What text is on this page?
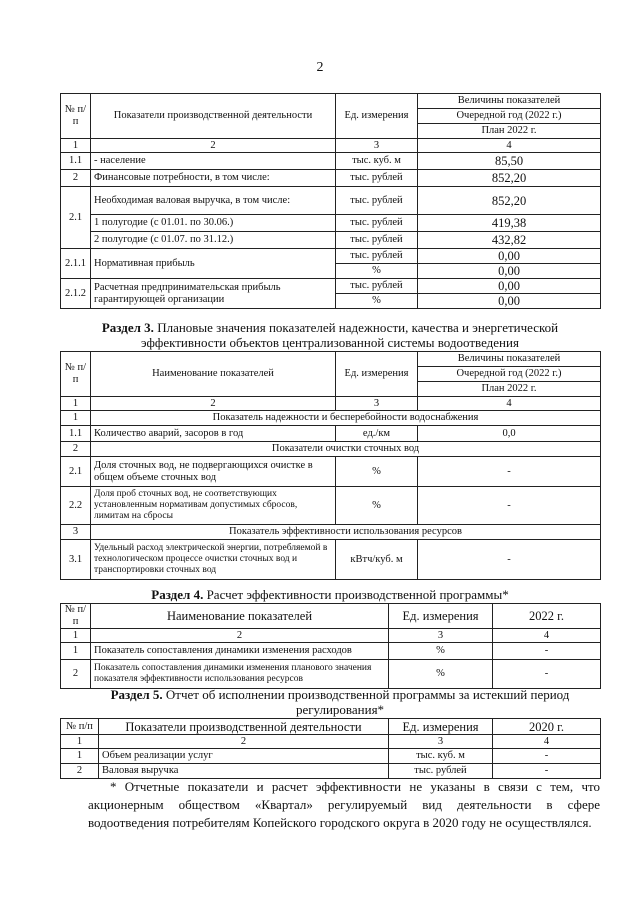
2
№ п/п	Показатели производственной деятельности	Ед. измерения	Величины показателей
			Очередной год (2022 г.)
			План 2022 г.
1	2	3	4
1.1	- население	тыс. куб. м	85,50
2	Финансовые потребности, в том числе:	тыс. рублей	852,20
2.1	Необходимая валовая выручка, в том числе:	тыс. рублей	852,20
	1 полугодие (с 01.01. по 30.06.)	тыс. рублей	419,38
	2 полугодие (с 01.07. по 31.12.)	тыс. рублей	432,82
2.1.1	Нормативная прибыль	тыс. рублей	0,00
		%	0,00
2.1.2	Расчетная предпринимательская прибыль гарантирующей организации	тыс. рублей	0,00
		%	0,00
Раздел 3. Плановые значения показателей надежности, качества и энергетической эффективности объектов централизованной системы водоотведения
№ п/п	Наименование показателей	Ед. измерения	Величины показателей
			Очередной год (2022 г.)
			План 2022 г.
1	2	3	4
1	Показатель надежности и бесперебойности водоснабжения		
1.1	Количество аварий, засоров в год	ед./км	0,0
2	Показатели очистки сточных вод		
2.1	Доля сточных вод, не подвергающихся очистке в общем объеме сточных вод	%	-
2.2	Доля проб сточных вод, не соответствующих установленным нормативам допустимых сбросов, лимитам на сбросы	%	-
3	Показатель эффективности использования ресурсов		
3.1	Удельный расход электрической энергии, потребляемой в технологическом процессе очистки сточных вод и транспортировки сточных вод	кВтч/куб. м	-
Раздел 4. Расчет эффективности производственной программы*
№ п/п	Наименование показателей	Ед. измерения	2022 г.
1	2	3	4
1	Показатель сопоставления динамики изменения расходов	%	-
2	Показатель сопоставления динамики изменения планового значения показателя эффективности использования ресурсов	%	-
Раздел 5. Отчет об исполнении производственной программы за истекший период регулирования*
№ п/п	Показатели производственной деятельности	Ед. измерения	2020 г.
1	2	3	4
1	Объем реализации услуг	тыс. куб. м	-
2	Валовая выручка	тыс. рублей	-
* Отчетные показатели и расчет эффективности не указаны в связи с тем, что акционерным обществом «Квартал» регулируемый вид деятельности в сфере водоотведения потребителям Копейского городского округа в 2020 году не осуществлялся.
